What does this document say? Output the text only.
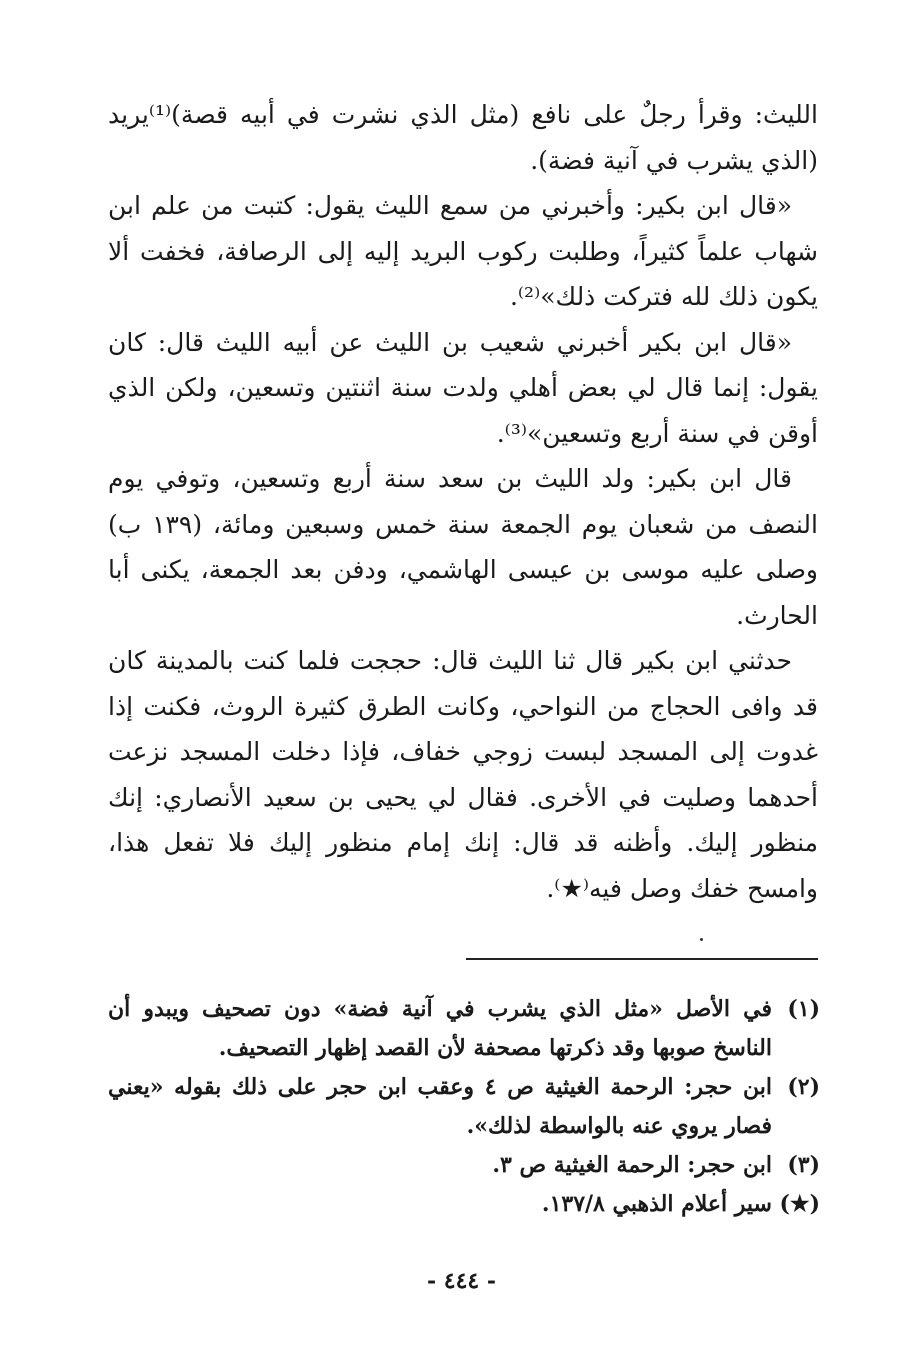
الليث: وقرأ رجلٌ على نافع (مثل الذي نشرت في أبيه قصة)⁽¹⁾يريد (الذي يشرب في آنية فضة).

«قال ابن بكير: وأخبرني من سمع الليث يقول: كتبت من علم ابن شهاب علماً كثيراً، وطلبت ركوب البريد إليه إلى الرصافة، فخفت ألا يكون ذلك لله فتركت ذلك»⁽²⁾.

«قال ابن بكير أخبرني شعيب بن الليث عن أبيه الليث قال: كان يقول: إنما قال لي بعض أهلي ولدت سنة اثنتين وتسعين، ولكن الذي أوقن في سنة أربع وتسعين»⁽³⁾.

قال ابن بكير: ولد الليث بن سعد سنة أربع وتسعين، وتوفي يوم النصف من شعبان يوم الجمعة سنة خمس وسبعين ومائة، (١٣٩ ب) وصلى عليه موسى بن عيسى الهاشمي، ودفن بعد الجمعة، يكنى أبا الحارث.

حدثني ابن بكير قال ثنا الليث قال: حججت فلما كنت بالمدينة كان قد وافى الحجاج من النواحي، وكانت الطرق كثيرة الروث، فكنت إذا غدوت إلى المسجد لبست زوجي خفاف، فإذا دخلت المسجد نزعت أحدهما وصليت في الأخرى. فقال لي يحيى بن سعيد الأنصاري: إنك منظور إليك. وأظنه قد قال: إنك إمام منظور إليك فلا تفعل هذا، وامسح خفك وصل فيه⁽★⁾.

(١)
في الأصل «مثل الذي يشرب في آنية فضة» دون تصحيف ويبدو أن الناسخ صوبها وقد ذكرتها مصحفة لأن القصد إظهار التصحيف.
(٢)
ابن حجر: الرحمة الغيثية ص ٤ وعقب ابن حجر على ذلك بقوله «يعني فصار يروي عنه بالواسطة لذلك».
(٣)
ابن حجر: الرحمة الغيثية ص ٣.
(★)
سير أعلام الذهبي ١٣٧/٨.
- ٤٤٤ -
